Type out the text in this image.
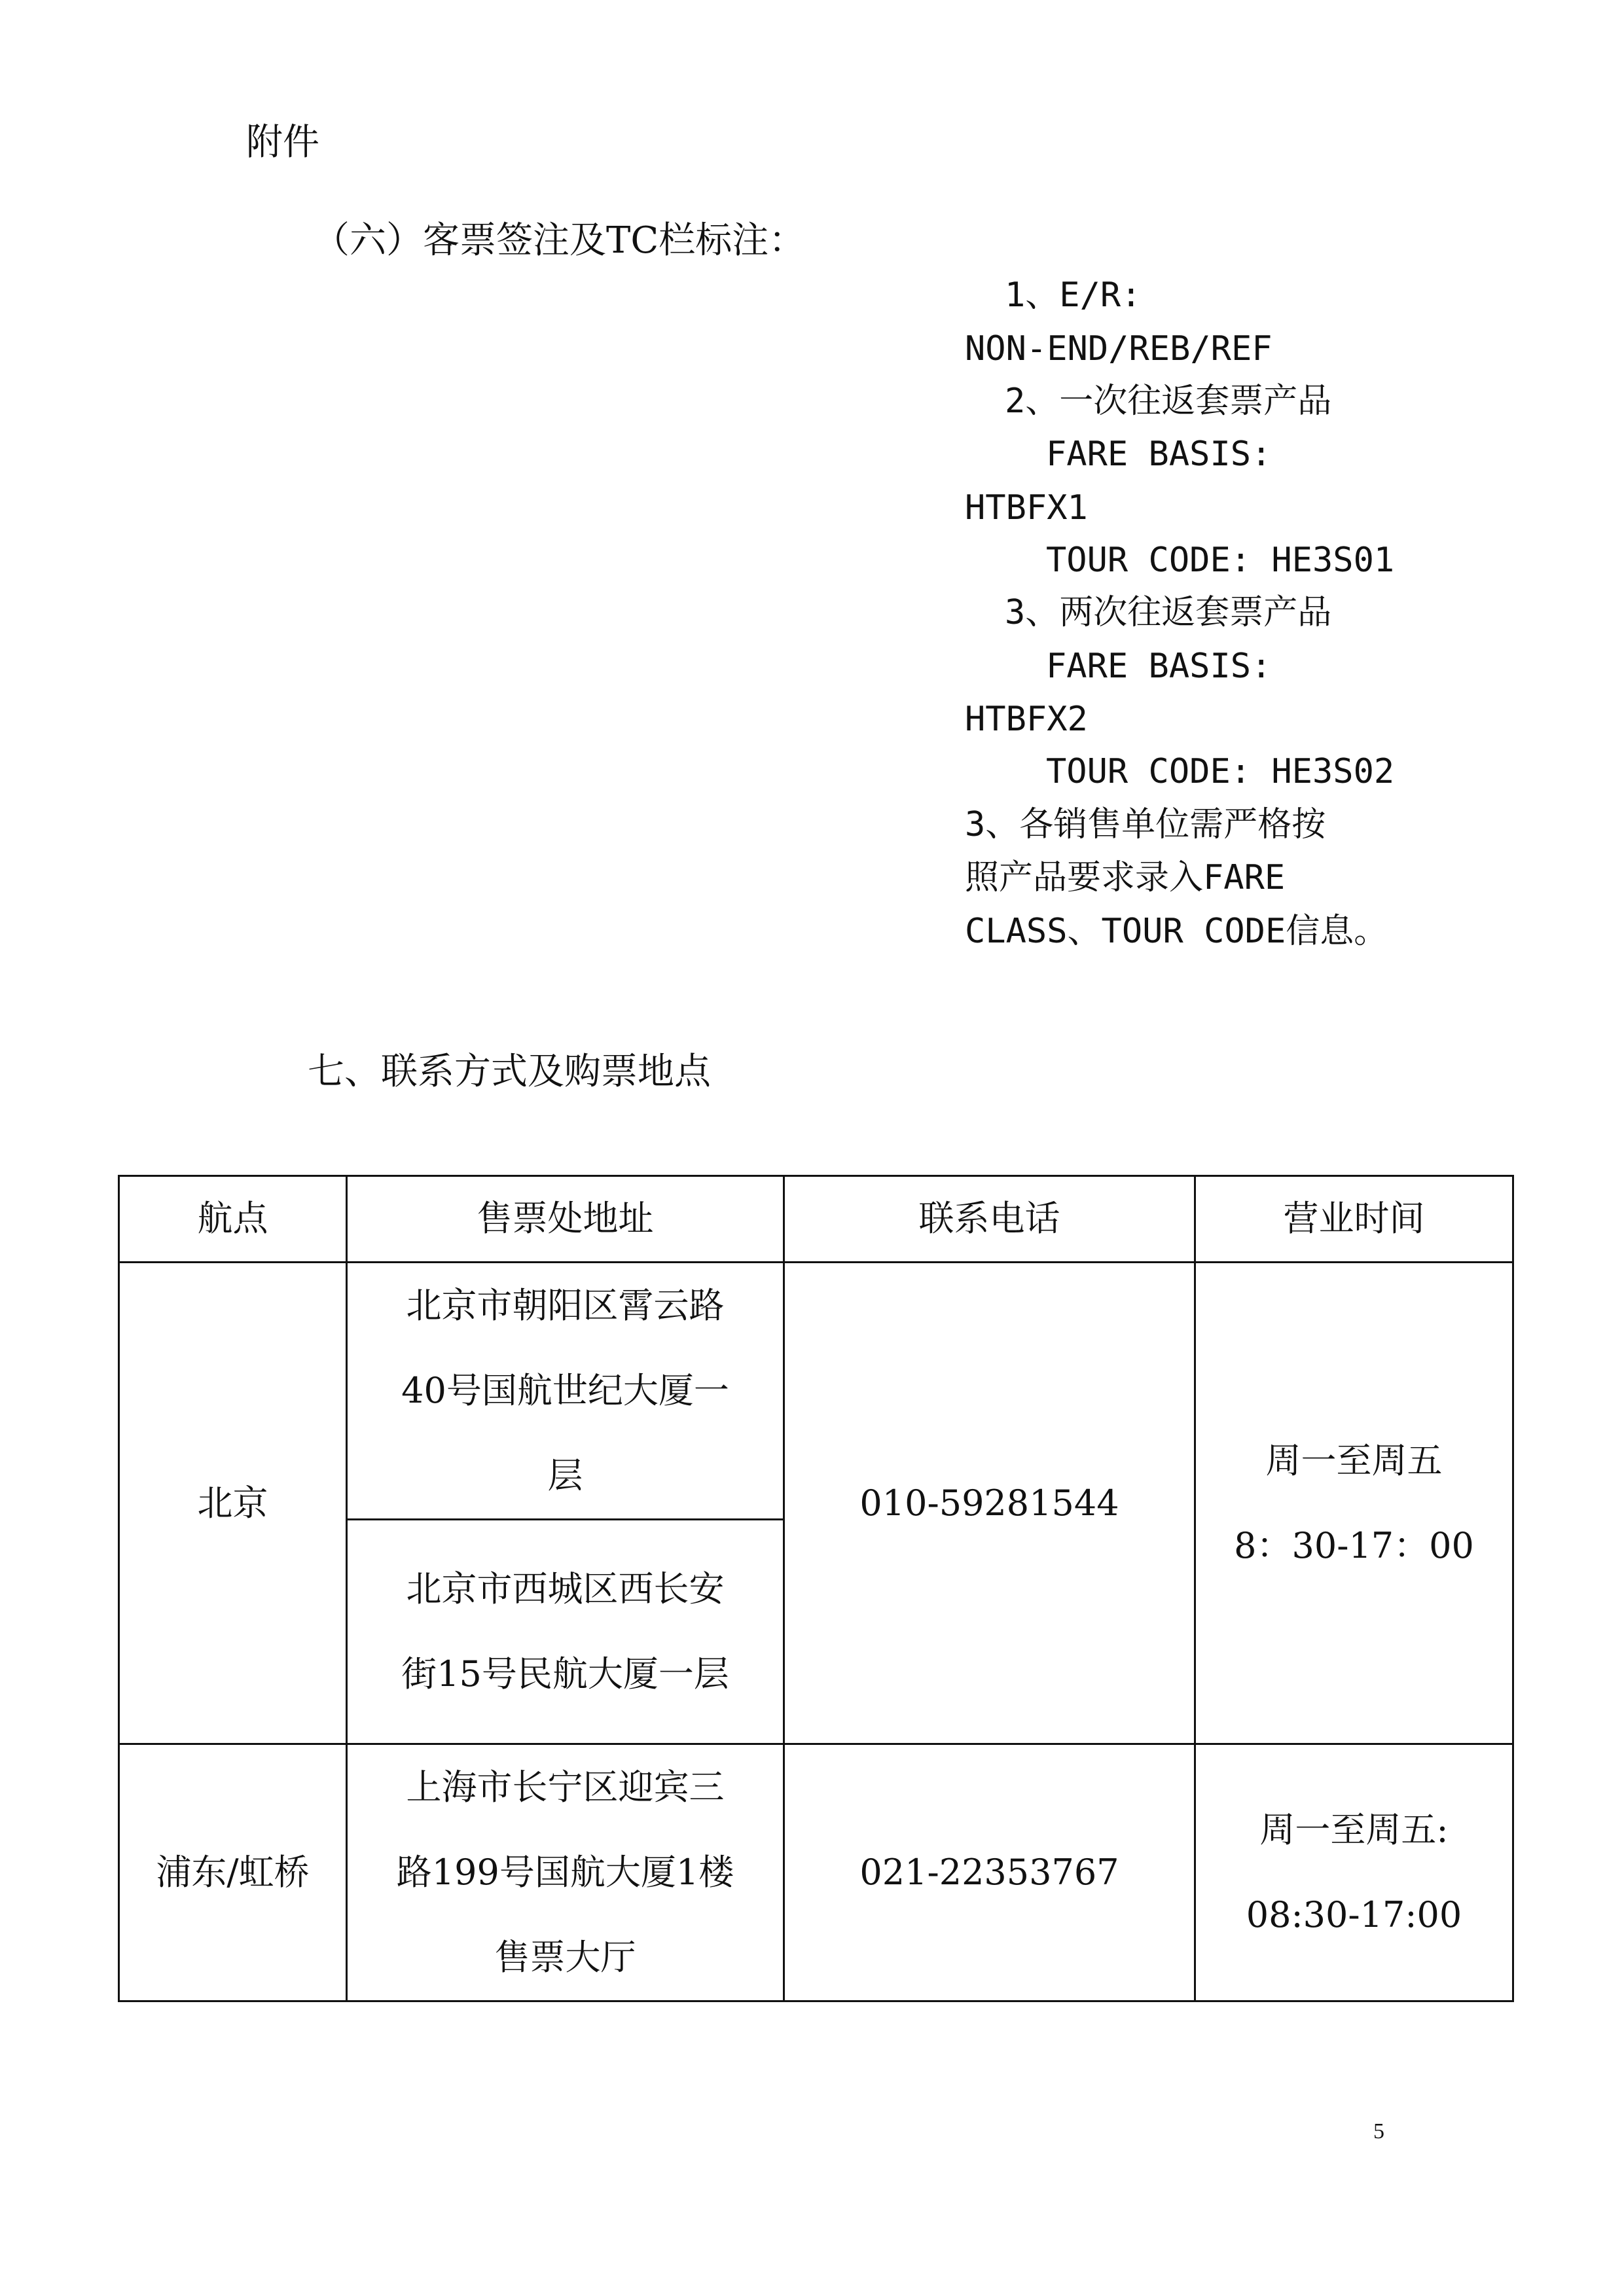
附件
（六）客票签注及TC栏标注：
1、E/R:
NON-END/REB/REF
2、一次往返套票产品
FARE BASIS:
HTBFX1
TOUR CODE: HE3S01
3、两次往返套票产品
FARE BASIS:
HTBFX2
TOUR CODE: HE3S02
3、各销售单位需严格按
照产品要求录入FARE
CLASS、TOUR CODE信息。
七、联系方式及购票地点
航点	售票处地址	联系电话	营业时间
北京	北京市朝阳区霄云路
40号国航世纪大厦一
层	010-59281544	周一至周五
8：30-17：00

	北京市西城区西长安
街15号民航大厦一层		

浦东/虹桥	上海市长宁区迎宾三
路199号国航大厦1楼
售票大厅	021-22353767	周一至周五:
08:30-17:00
5
